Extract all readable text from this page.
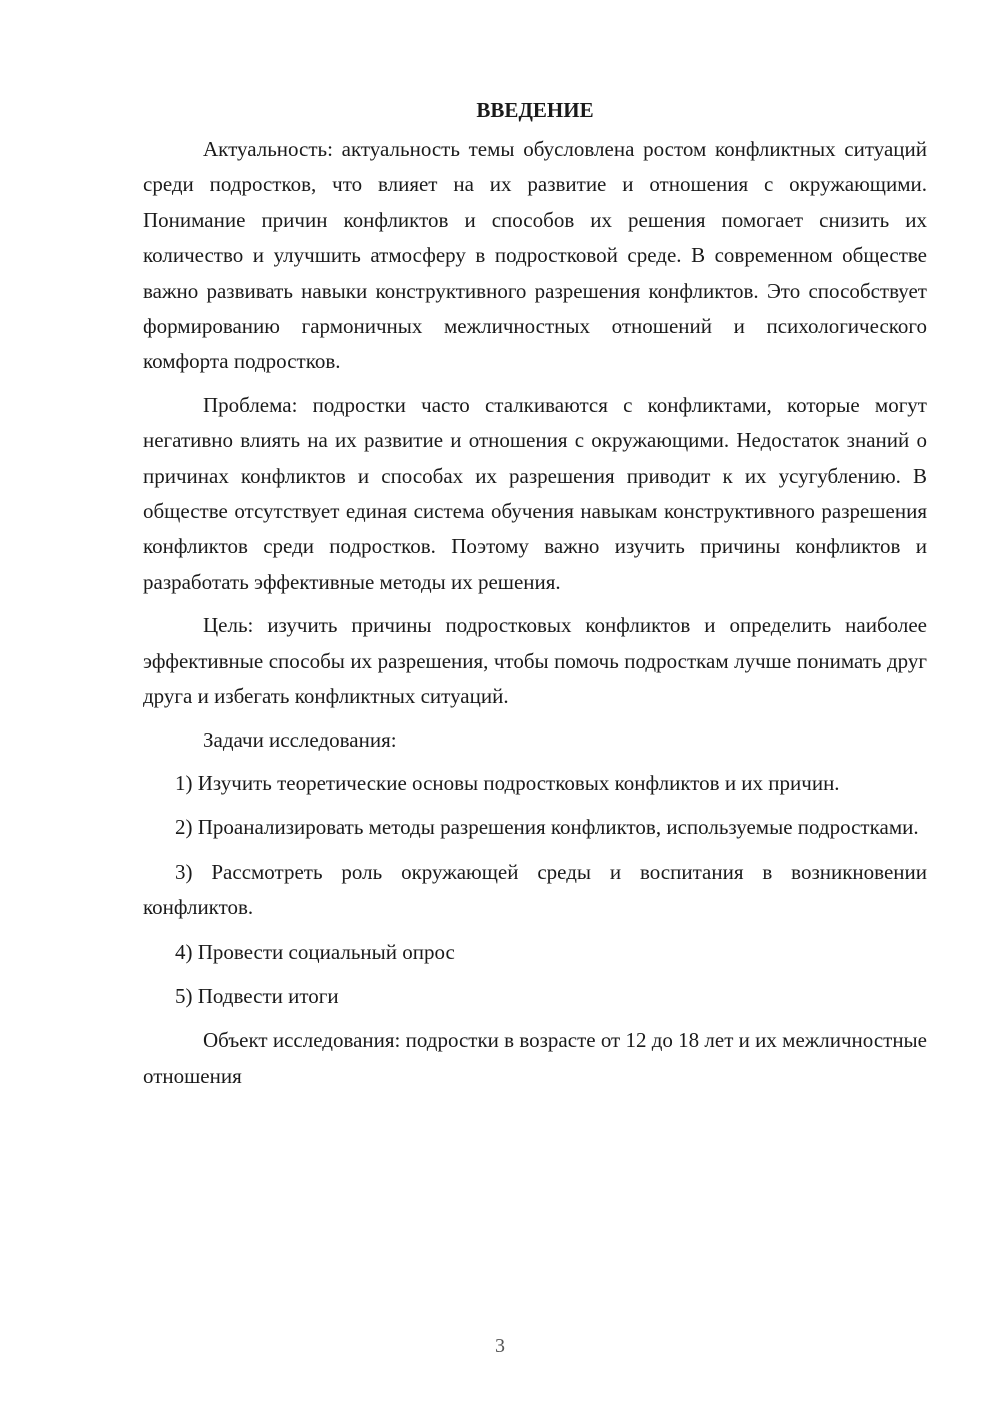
ВВЕДЕНИЕ

Актуальность: актуальность темы обусловлена ростом конфликтных ситуаций среди подростков, что влияет на их развитие и отношения с окружающими. Понимание причин конфликтов и способов их решения помогает снизить их количество и улучшить атмосферу в подростковой среде. В современном обществе важно развивать навыки конструктивного разрешения конфликтов. Это способствует формированию гармоничных межличностных отношений и психологического комфорта подростков.

Проблема: подростки часто сталкиваются с конфликтами, которые могут негативно влиять на их развитие и отношения с окружающими. Недостаток знаний о причинах конфликтов и способах их разрешения приводит к их усугублению. В обществе отсутствует единая система обучения навыкам конструктивного разрешения конфликтов среди подростков. Поэтому важно изучить причины конфликтов и разработать эффективные методы их решения.

Цель: изучить причины подростковых конфликтов и определить наиболее эффективные способы их разрешения, чтобы помочь подросткам лучше понимать друг друга и избегать конфликтных ситуаций.

Задачи исследования:

1) Изучить теоретические основы подростковых конфликтов и их причин.

2) Проанализировать методы разрешения конфликтов, используемые подростками.

3) Рассмотреть роль окружающей среды и воспитания в возникновении конфликтов.

4) Провести социальный опрос

5) Подвести итоги

Объект исследования: подростки в возрасте от 12 до 18 лет и их межличностные отношения

3
